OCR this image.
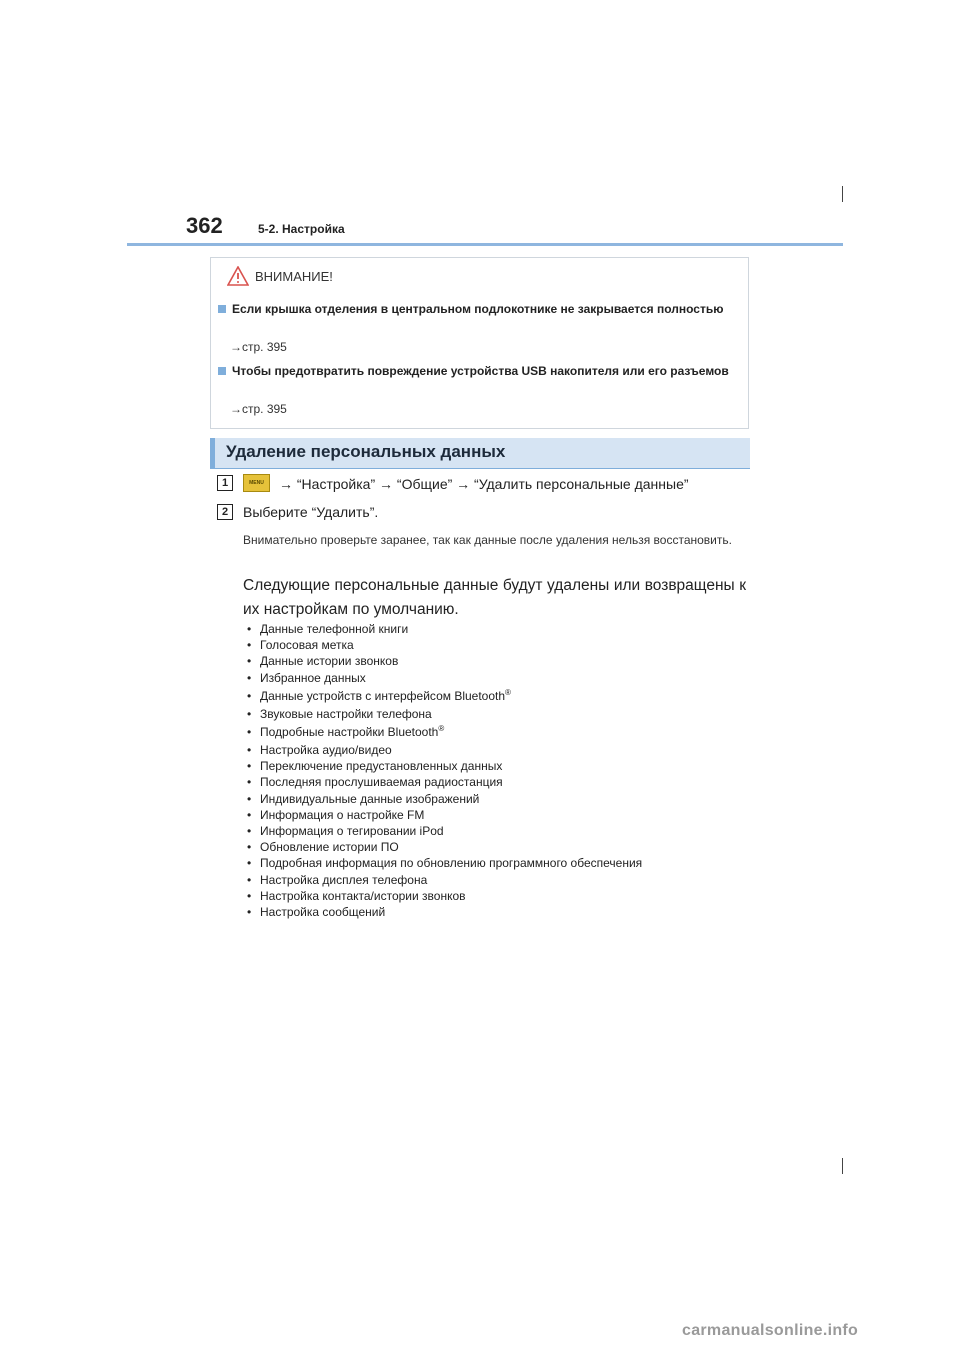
362	5-2. Настройка
ВНИМАНИЕ!
Если крышка отделения в центральном подлокотнике не закрывается полностью
→стр. 395
Чтобы предотвратить повреждение устройства USB накопителя или его разъемов
→стр. 395
Удаление персональных данных
1	MENU	→ “Настройка” → “Общие” → “Удалить персональные данные”
2	Выберите “Удалить”.
Внимательно проверьте заранее, так как данные после удаления нельзя восстановить.
Следующие персональные данные будут удалены или возвращены к их настройкам по умолчанию.
• Данные телефонной книги
• Голосовая метка
• Данные истории звонков
• Избранное данных
• Данные устройств с интерфейсом Bluetooth®
• Звуковые настройки телефона
• Подробные настройки Bluetooth®
• Настройка аудио/видео
• Переключение предустановленных данных
• Последняя прослушиваемая радиостанция
• Индивидуальные данные изображений
• Информация о настройке FM
• Информация о тегировании iPod
• Обновление истории ПО
• Подробная информация по обновлению программного обеспечения
• Настройка дисплея телефона
• Настройка контакта/истории звонков
• Настройка сообщений
carmanualsonline.info
